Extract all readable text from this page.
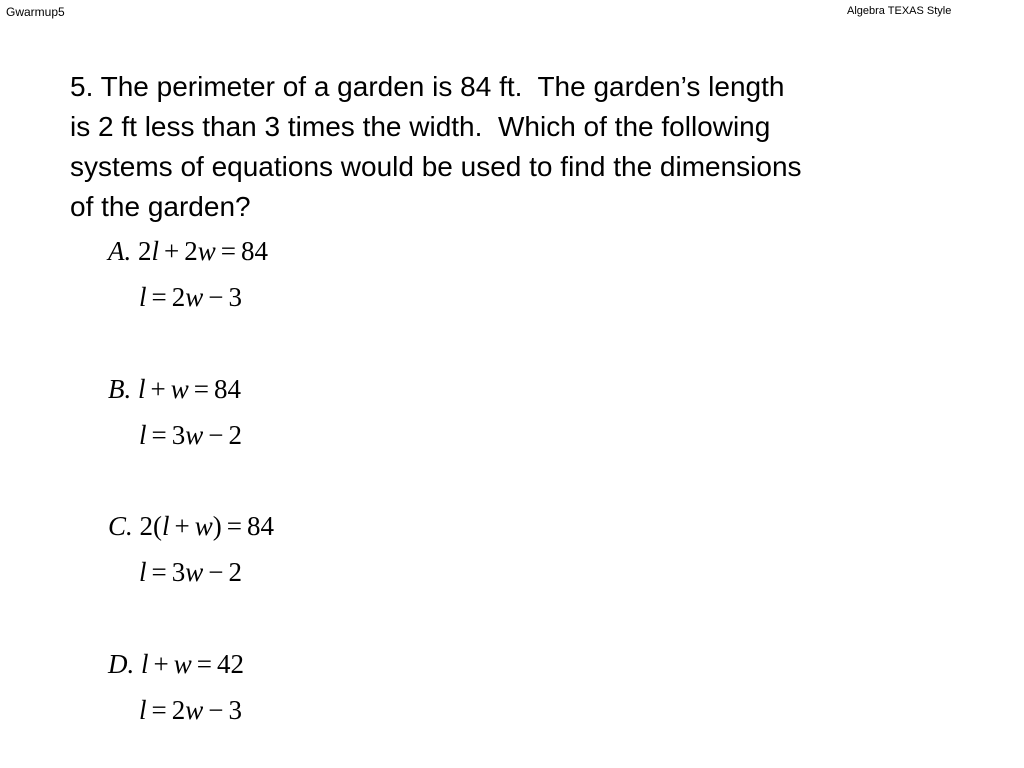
Gwarmup5	Algebra TEXAS Style
5. The perimeter of a garden is 84 ft.  The garden’s length
is 2 ft less than 3 times the width.  Which of the following
systems of equations would be used to find the dimensions
of the garden?
A. 2l + 2w = 84
l = 2w − 3
B. l + w = 84
l = 3w − 2
C. 2(l + w) = 84
l = 3w − 2
D. l + w = 42
l = 2w − 3
